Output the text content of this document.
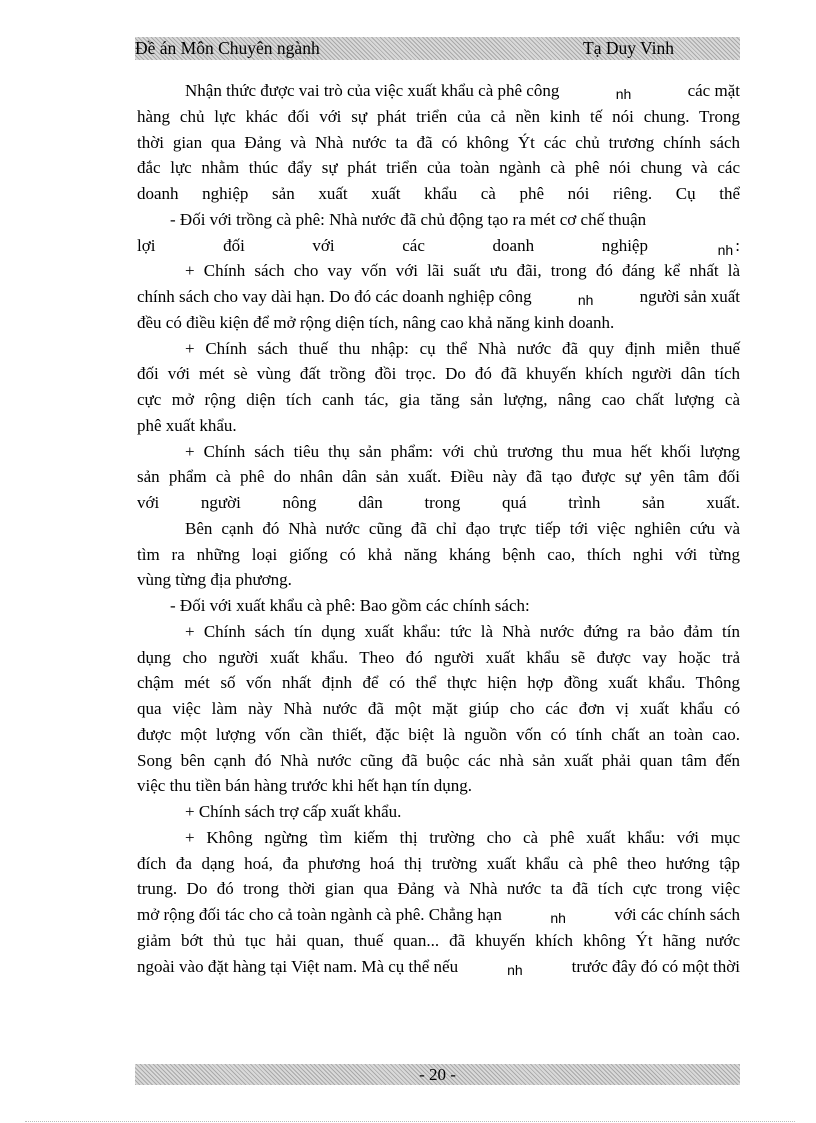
Đề án Môn Chuyên ngành	Tạ Duy Vinh
Nhận thức được vai trò của việc xuất khẩu cà phê công	nh	các mặt
hàng chủ lực khác đối với sự phát triển của cả nền kinh tế nói chung. Trong
thời gian qua Đảng và Nhà nước ta đã có không Ýt các chủ trương chính sách
đắc lực nhằm thúc đẩy sự phát triển của toàn ngành cà phê nói chung và các
doanh nghiệp sản xuất xuất khẩu cà phê nói riêng. Cụ thể
- Đối với trồng cà phê: Nhà nước đã chủ động tạo ra mét cơ chế thuận
lợi	đối	với	các	doanh	nghiệp	$_{nh}$ :
+ Chính sách cho vay vốn với lãi suất ưu đãi, trong đó đáng kể nhất là
chính sách cho vay dài hạn. Do đó các doanh nghiệp công	nh	người sản xuất
đều có điều kiện để mở rộng diện tích, nâng cao khả năng kinh doanh.
+ Chính sách thuế thu nhập: cụ thể Nhà nước đã quy định miễn thuế
đối với mét sè vùng đất trồng đồi trọc. Do đó đã khuyến khích người dân tích
cực mở rộng diện tích canh tác, gia tăng sản lượng, nâng cao chất lượng cà
phê xuất khẩu.
+ Chính sách tiêu thụ sản phẩm: với chủ trương thu mua hết khối lượng
sản phẩm cà phê do nhân dân sản xuất. Điều này đã tạo được sự yên tâm đối
với người nông dân trong quá trình sản xuất.
Bên cạnh đó Nhà nước cũng đã chỉ đạo trực tiếp tới việc nghiên cứu và
tìm ra những loại giống có khả năng kháng bệnh cao, thích nghi với từng
vùng từng địa phương.
- Đối với xuất khẩu cà phê: Bao gồm các chính sách:
+ Chính sách tín dụng xuất khẩu: tức là Nhà nước đứng ra bảo đảm tín
dụng cho người xuất khẩu. Theo đó người xuất khẩu sẽ được vay hoặc trả
chậm mét số vốn nhất định để có thể thực hiện hợp đồng xuất khẩu. Thông
qua việc làm này Nhà nước đã một mặt giúp cho các đơn vị xuất khẩu có
được một lượng vốn cần thiết, đặc biệt là nguồn vốn có tính chất an toàn cao.
Song bên cạnh đó Nhà nước cũng đã buộc các nhà sản xuất phải quan tâm đến
việc thu tiền bán hàng trước khi hết hạn tín dụng.
+ Chính sách trợ cấp xuất khẩu.
+ Không ngừng tìm kiếm thị trường cho cà phê xuất khẩu: với mục
đích đa dạng hoá, đa phương hoá thị trường xuất khẩu cà phê theo hướng tập
trung. Do đó trong thời gian qua Đảng và Nhà nước ta đã tích cực trong việc
mở rộng đối tác cho cả toàn ngành cà phê. Chẳng hạn	nh	với các chính sách
giảm bớt thủ tục hải quan, thuế quan... đã khuyến khích không Ýt hãng nước
ngoài vào đặt hàng tại Việt nam. Mà cụ thể nếu	nh	trước đây đó có một thời
- 20 -
